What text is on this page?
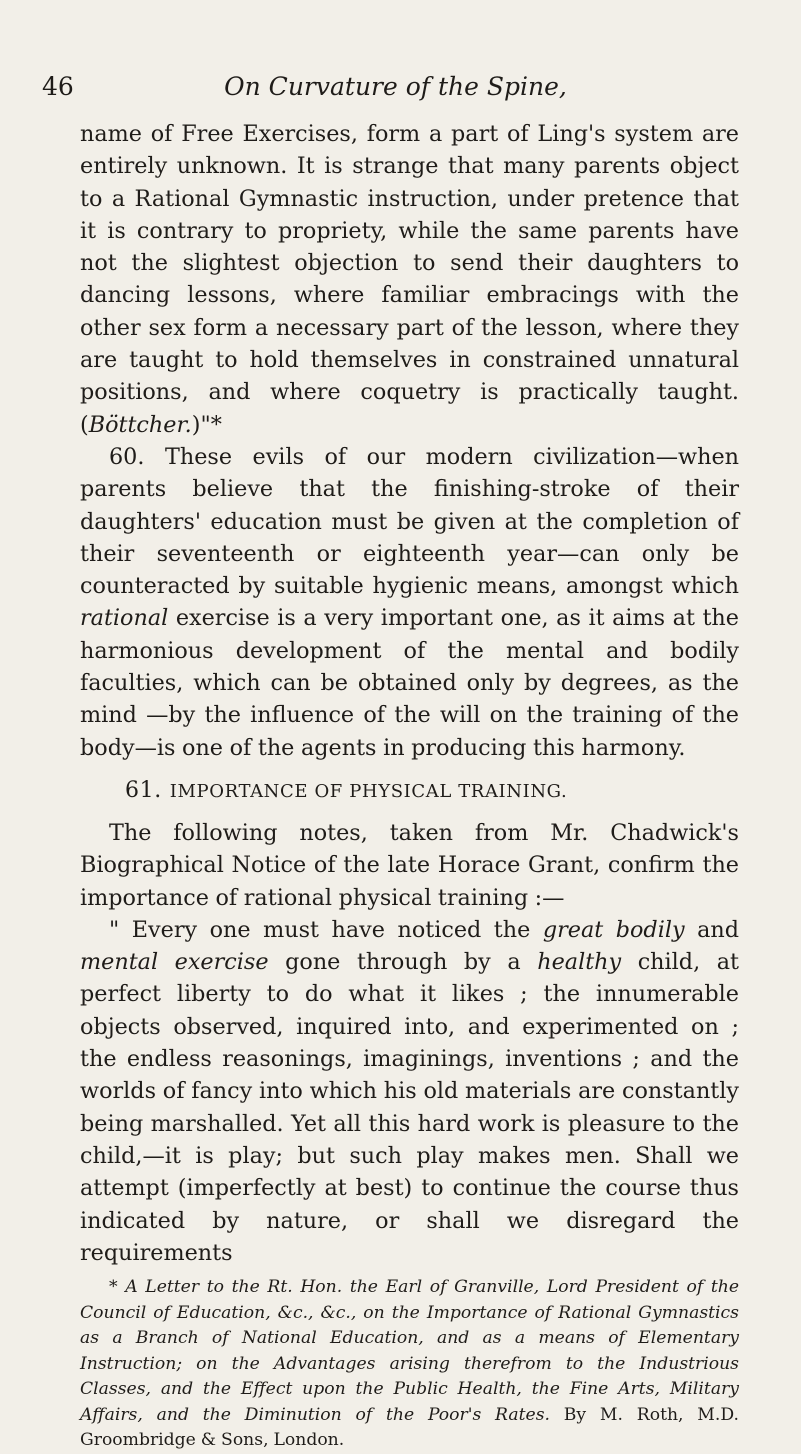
46	On Curvature of the Spine,

name of Free Exercises, form a part of Ling's system are entirely unknown. It is strange that many parents object to a Rational Gymnastic instruction, under pretence that it is contrary to propriety, while the same parents have not the slightest objection to send their daughters to dancing lessons, where familiar embracings with the other sex form a necessary part of the lesson, where they are taught to hold themselves in constrained unnatural positions, and where coquetry is practically taught. (Böttcher.)"*

60. These evils of our modern civilization—when parents believe that the finishing-stroke of their daughters' education must be given at the completion of their seventeenth or eighteenth year—can only be counteracted by suitable hygienic means, amongst which rational exercise is a very important one, as it aims at the harmonious development of the mental and bodily faculties, which can be obtained only by degrees, as the mind —by the influence of the will on the training of the body—is one of the agents in producing this harmony.

61. IMPORTANCE OF PHYSICAL TRAINING.

The following notes, taken from Mr. Chadwick's Biographical Notice of the late Horace Grant, confirm the importance of rational physical training :—

" Every one must have noticed the great bodily and mental exercise gone through by a healthy child, at perfect liberty to do what it likes ; the innumerable objects observed, inquired into, and experimented on ; the endless reasonings, imaginings, inventions ; and the worlds of fancy into which his old materials are constantly being marshalled. Yet all this hard work is pleasure to the child,—it is play; but such play makes men. Shall we attempt (imperfectly at best) to continue the course thus indicated by nature, or shall we disregard the requirements

* A Letter to the Rt. Hon. the Earl of Granville, Lord President of the Council of Education, &c., &c., on the Importance of Rational Gymnastics as a Branch of National Education, and as a means of Elementary Instruction; on the Advantages arising therefrom to the Industrious Classes, and the Effect upon the Public Health, the Fine Arts, Military Affairs, and the Diminution of the Poor's Rates. By M. Roth, M.D. Groombridge & Sons, London.
